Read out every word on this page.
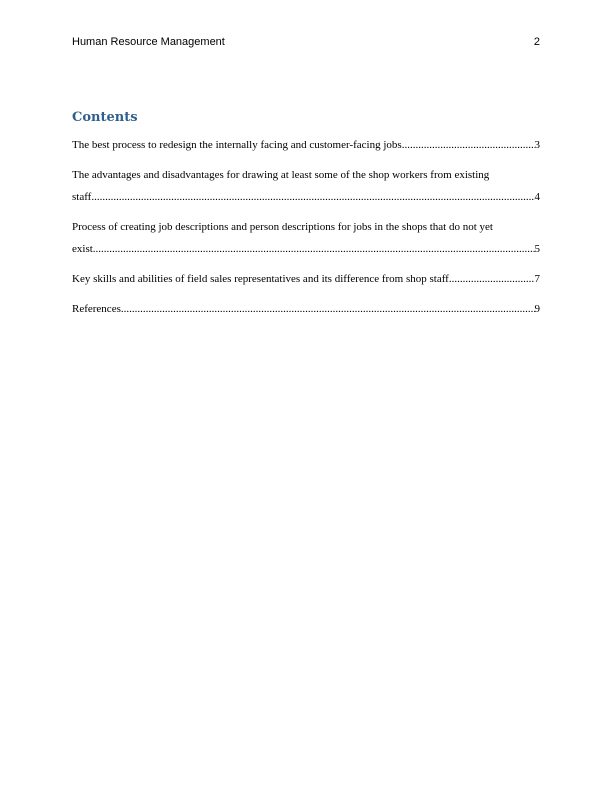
Human Resource Management	2
Contents
The best process to redesign the internally facing and customer-facing jobs .....	3
The advantages and disadvantages for drawing at least some of the shop workers from existing
staff .....	4
Process of creating job descriptions and person descriptions for jobs in the shops that do not yet
exist .....	5
Key skills and abilities of field sales representatives and its difference from shop staff .....	7
References .....	9
